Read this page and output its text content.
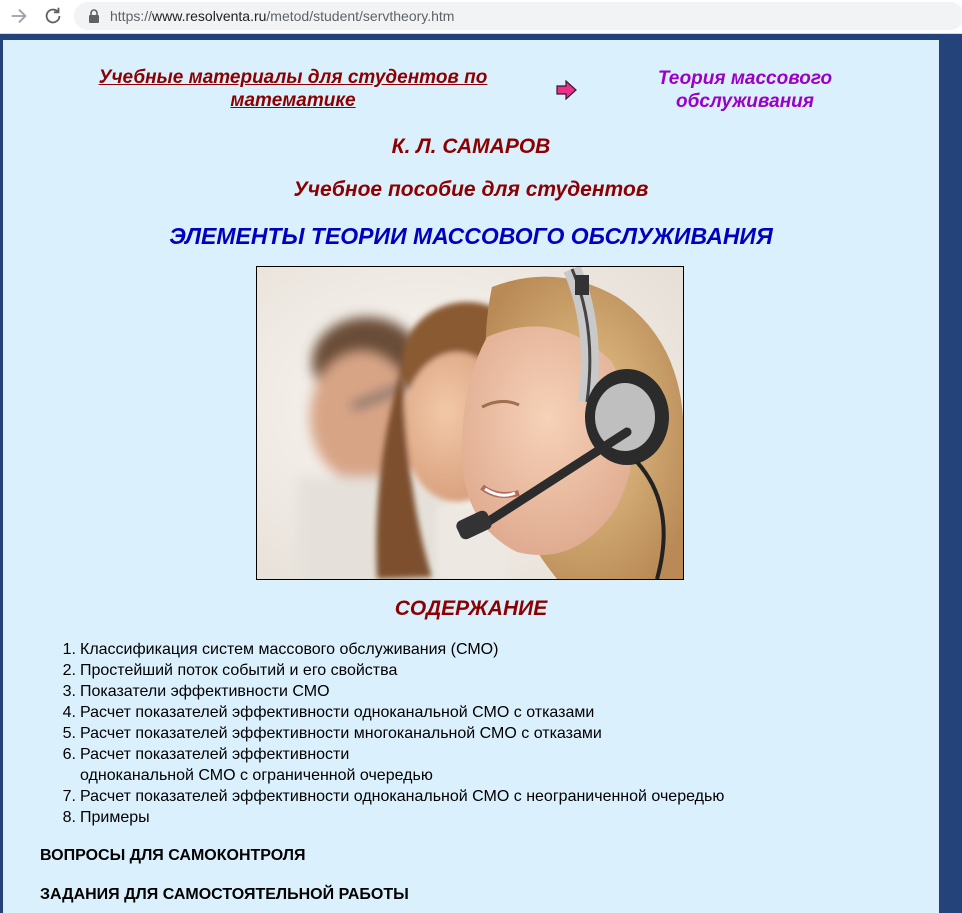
https://www.resolventa.ru/metod/student/servtheory.htm
Учебные материалы для студентов по математике
Теория массового обслуживания
К. Л. САМАРОВ
Учебное пособие для студентов
ЭЛЕМЕНТЫ ТЕОРИИ МАССОВОГО ОБСЛУЖИВАНИЯ
СОДЕРЖАНИЕ
1. Классификация систем массового обслуживания (СМО)
2. Простейший поток событий и его свойства
3. Показатели эффективности СМО
4. Расчет показателей эффективности одноканальной СМО с отказами
5. Расчет показателей эффективности многоканальной СМО с отказами
6. Расчет показателей эффективности
одноканальной СМО с ограниченной очередью
7. Расчет показателей эффективности одноканальной СМО с неограниченной очередью
8. Примеры
ВОПРОСЫ ДЛЯ САМОКОНТРОЛЯ
ЗАДАНИЯ ДЛЯ САМОСТОЯТЕЛЬНОЙ РАБОТЫ
